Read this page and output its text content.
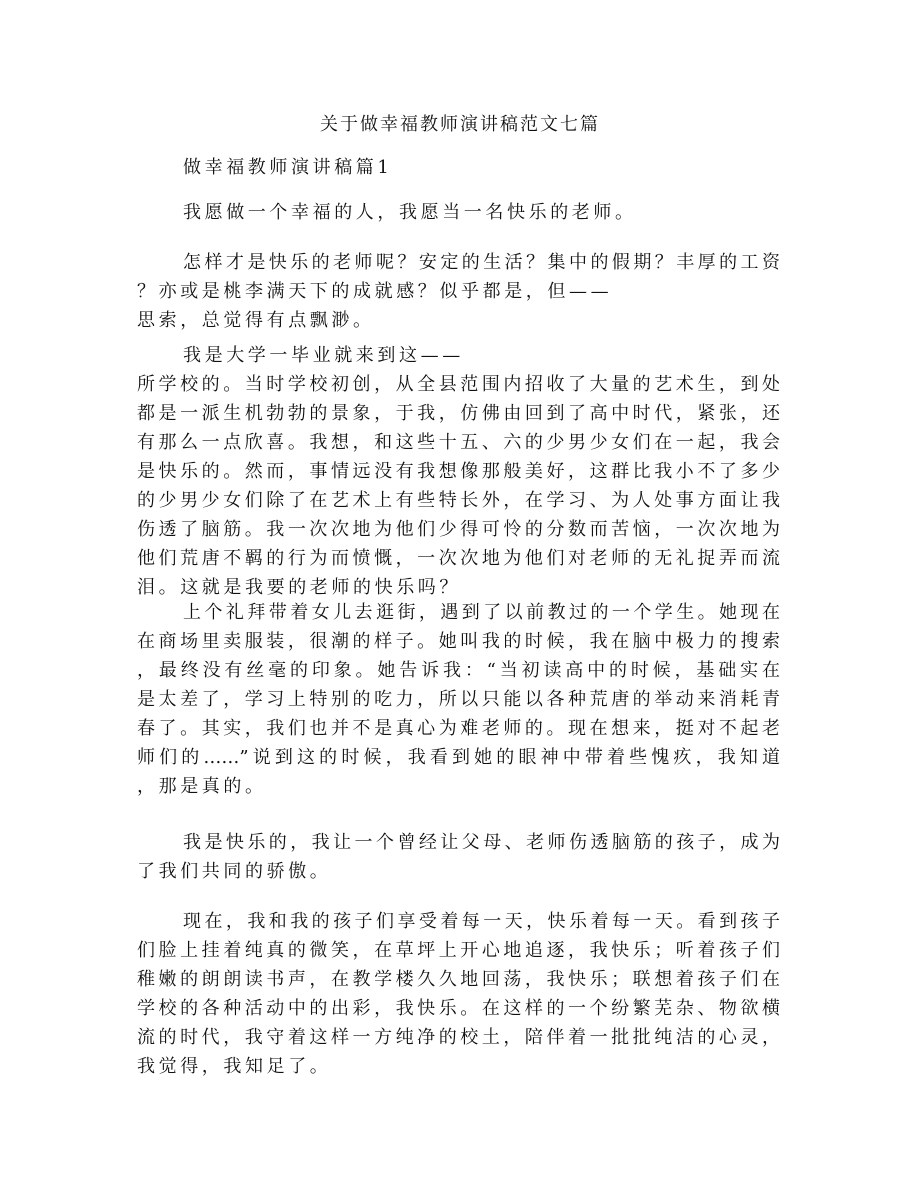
关于做幸福教师演讲稿范文七篇
做幸福教师演讲稿篇1
我愿做一个幸福的人，我愿当一名快乐的老师。
怎样才是快乐的老师呢？安定的生活？集中的假期？丰厚的工资
？亦或是桃李满天下的成就感？似乎都是，但——
思索，总觉得有点飘渺。
我是大学一毕业就来到这——
所学校的。当时学校初创，从全县范围内招收了大量的艺术生，到处
都是一派生机勃勃的景象，于我，仿佛由回到了高中时代，紧张，还
有那么一点欣喜。我想，和这些十五、六的少男少女们在一起，我会
是快乐的。然而，事情远没有我想像那般美好，这群比我小不了多少
的少男少女们除了在艺术上有些特长外，在学习、为人处事方面让我
伤透了脑筋。我一次次地为他们少得可怜的分数而苦恼，一次次地为
他们荒唐不羁的行为而愤慨，一次次地为他们对老师的无礼捉弄而流
泪。这就是我要的老师的快乐吗？
上个礼拜带着女儿去逛街，遇到了以前教过的一个学生。她现在
在商场里卖服装，很潮的样子。她叫我的时候，我在脑中极力的搜索
，最终没有丝毫的印象。她告诉我：“当初读高中的时候，基础实在
是太差了，学习上特别的吃力，所以只能以各种荒唐的举动来消耗青
春了。其实，我们也并不是真心为难老师的。现在想来，挺对不起老
师们的……”说到这的时候，我看到她的眼神中带着些愧疚，我知道
，那是真的。
我是快乐的，我让一个曾经让父母、老师伤透脑筋的孩子，成为
了我们共同的骄傲。
现在，我和我的孩子们享受着每一天，快乐着每一天。看到孩子
们脸上挂着纯真的微笑，在草坪上开心地追逐，我快乐；听着孩子们
稚嫩的朗朗读书声，在教学楼久久地回荡，我快乐；联想着孩子们在
学校的各种活动中的出彩，我快乐。在这样的一个纷繁芜杂、物欲横
流的时代，我守着这样一方纯净的校土，陪伴着一批批纯洁的心灵，
我觉得，我知足了。
